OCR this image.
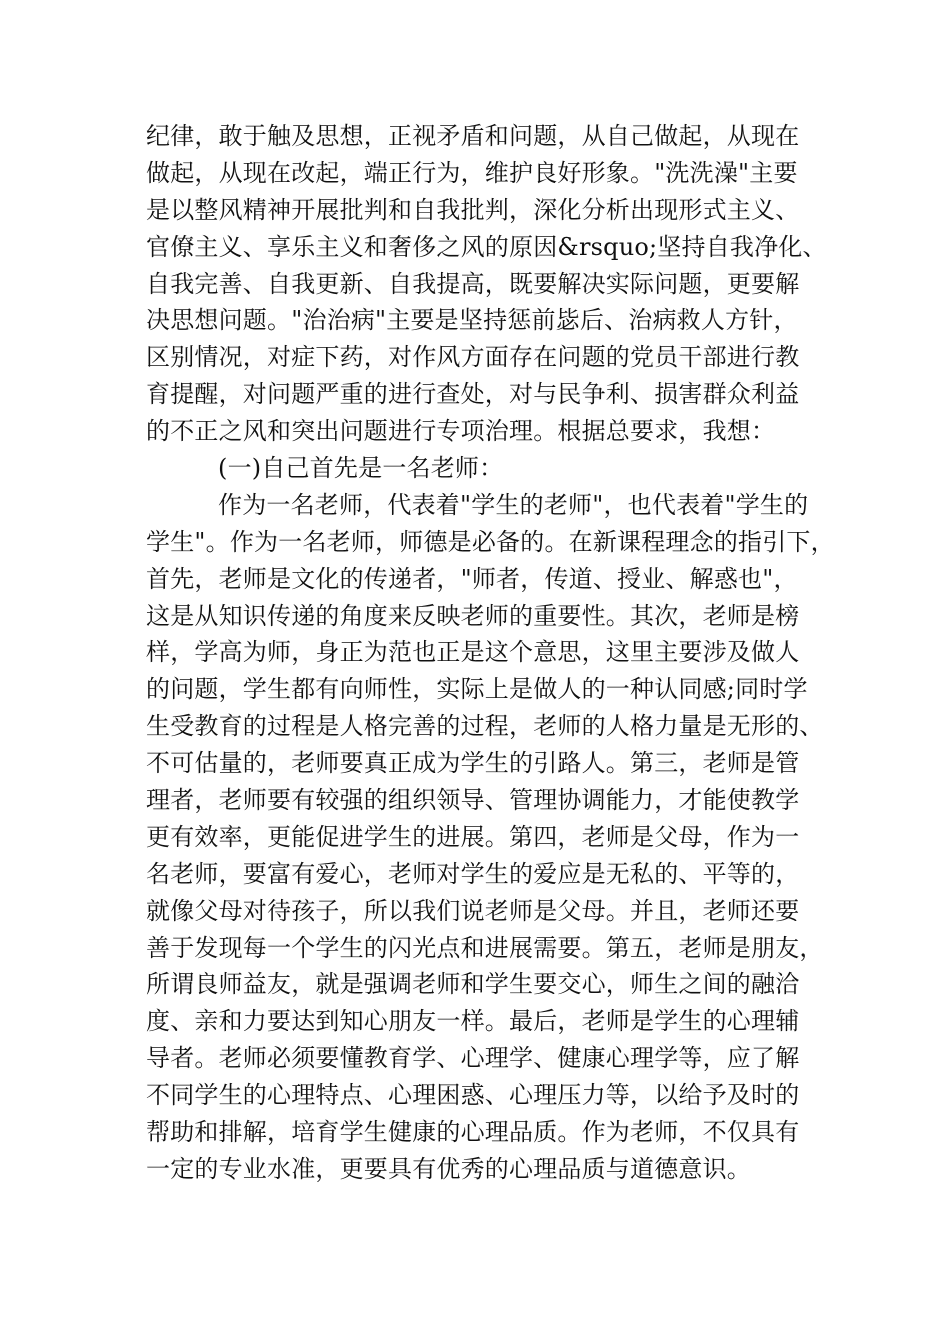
纪律，敢于触及思想，正视矛盾和问题，从自己做起，从现在
做起，从现在改起，端正行为，维护良好形象。"洗洗澡"主要
是以整风精神开展批判和自我批判，深化分析出现形式主义、
官僚主义、享乐主义和奢侈之风的原因&rsquo;坚持自我净化、
自我完善、自我更新、自我提高，既要解决实际问题，更要解
决思想问题。"治治病"主要是坚持惩前毖后、治病救人方针，
区别情况，对症下药，对作风方面存在问题的党员干部进行教
育提醒，对问题严重的进行查处，对与民争利、损害群众利益
的不正之风和突出问题进行专项治理。根据总要求，我想：
(一)自己首先是一名老师：
作为一名老师，代表着"学生的老师"，也代表着"学生的
学生"。作为一名老师，师德是必备的。在新课程理念的指引下，
首先，老师是文化的传递者，"师者，传道、授业、解惑也"，
这是从知识传递的角度来反映老师的重要性。其次，老师是榜
样，学高为师，身正为范也正是这个意思，这里主要涉及做人
的问题，学生都有向师性，实际上是做人的一种认同感;同时学
生受教育的过程是人格完善的过程，老师的人格力量是无形的、
不可估量的，老师要真正成为学生的引路人。第三，老师是管
理者，老师要有较强的组织领导、管理协调能力，才能使教学
更有效率，更能促进学生的进展。第四，老师是父母，作为一
名老师，要富有爱心，老师对学生的爱应是无私的、平等的，
就像父母对待孩子，所以我们说老师是父母。并且，老师还要
善于发现每一个学生的闪光点和进展需要。第五，老师是朋友，
所谓良师益友，就是强调老师和学生要交心，师生之间的融洽
度、亲和力要达到知心朋友一样。最后，老师是学生的心理辅
导者。老师必须要懂教育学、心理学、健康心理学等，应了解
不同学生的心理特点、心理困惑、心理压力等，以给予及时的
帮助和排解，培育学生健康的心理品质。作为老师，不仅具有
一定的专业水准，更要具有优秀的心理品质与道德意识。
